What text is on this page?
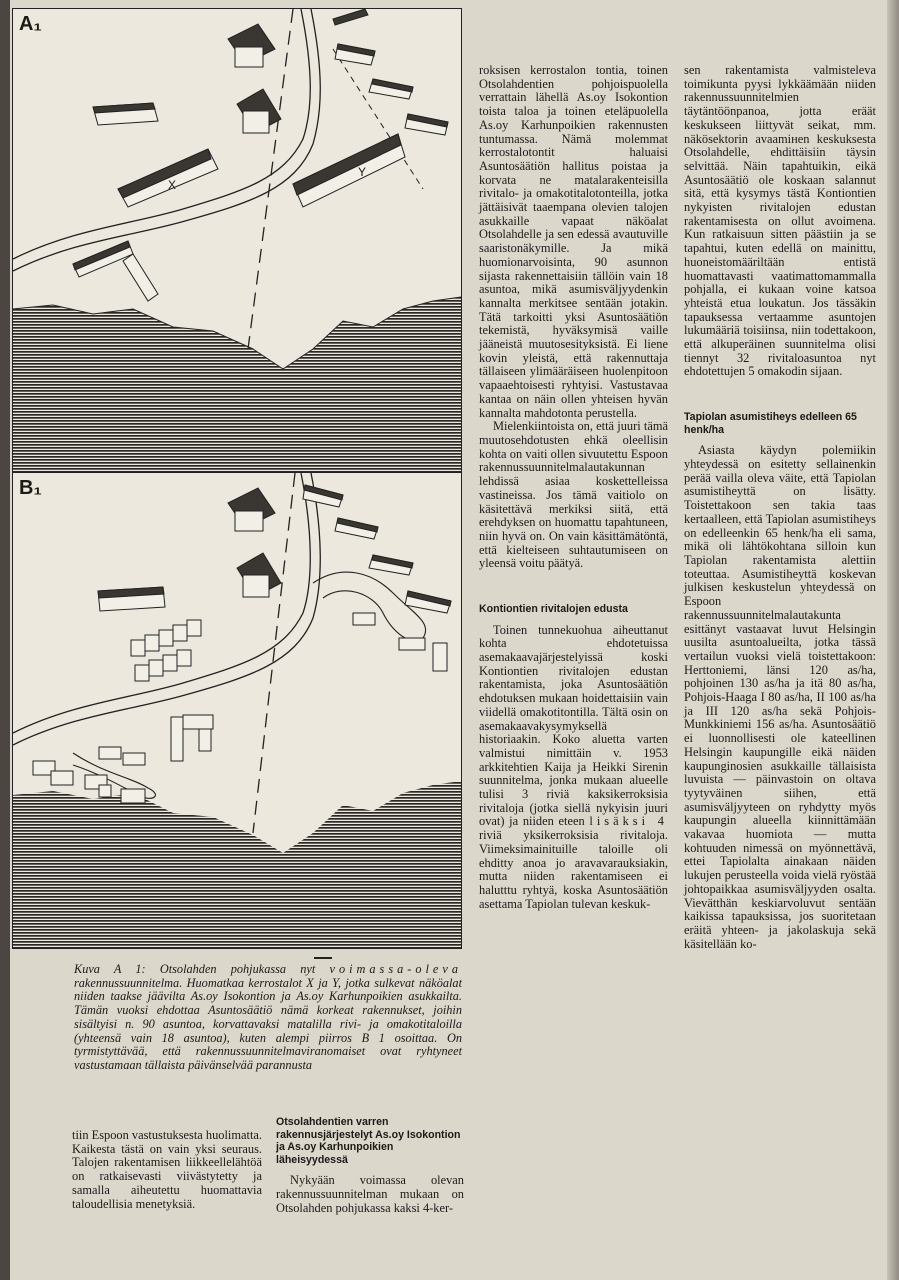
A₁
X
Y
B₁
Kuva A 1: Otsolahden pohjukassa nyt voimassa-oleva rakennussuunnitelma. Huomatkaa kerrostalot X ja Y, jotka sulkevat näköalat niiden taakse jäävilta As.oy Isokontion ja As.oy Karhunpoikien asukkailta. Tämän vuoksi ehdottaa Asuntosäätiö nämä korkeat rakennukset, joihin sisältyisi n. 90 asuntoa, korvattavaksi matalilla rivi- ja omakotitaloilla (yhteensä vain 18 asuntoa), kuten alempi piirros B 1 osoittaa. On tyrmistyttävää, että rakennussuunnitelmaviranomaiset ovat ryhtyneet vastustamaan tällaista päivänselvää parannusta

tiin Espoon vastustuksesta huolimatta. Kaikesta tästä on vain yksi seuraus. Talojen rakentamisen liikkeellelähtöä on ratkaisevasti viivästytetty ja samalla aiheutettu huomattavia taloudellisia menetyksiä.

Otsolahdentien varren rakennusjärjestelyt As.oy Isokontion ja As.oy Karhunpoikien läheisyydessä

Nykyään voimassa olevan rakennussuunnitelman mukaan on Otsolahden pohjukassa kaksi 4-ker-

roksisen kerrostalon tontia, toinen Otsolahdentien pohjoispuolella verrattain lähellä As.oy Isokontion toista taloa ja toinen eteläpuolella As.oy Karhunpoikien rakennusten tuntumassa. Nämä molemmat kerrostalotontit haluaisi Asuntosäätiön hallitus poistaa ja korvata ne matalarakenteisilla rivitalo- ja omakotitalotonteilla, jotka jättäisivät taaempana olevien talojen asukkaille vapaat näköalat Otsolahdelle ja sen edessä avautuville saaristonäkymille. Ja mikä huomionarvoisinta, 90 asunnon sijasta rakennettaisiin tällöin vain 18 asuntoa, mikä asumisväljyydenkin kannalta merkitsee sentään jotakin. Tätä tarkoitti yksi Asuntosäätiön tekemistä, hyväksymisä vaille jääneistä muutosesityksistä. Ei liene kovin yleistä, että rakennuttaja tällaiseen ylimääräiseen huolenpitoon vapaaehtoisesti ryhtyisi. Vastustavaa kantaa on näin ollen yhteisen hyvän kannalta mahdotonta perustella.

Mielenkiintoista on, että juuri tämä muutosehdotusten ehkä oleellisin kohta on vaiti ollen sivuutettu Espoon rakennussuunnitelmalautakunnan lehdissä asiaa koskettelleissa vastineissa. Jos tämä vaitiolo on käsitettävä merkiksi siitä, että erehdyksen on huomattu tapahtuneen, niin hyvä on. On vain käsittämätöntä, että kielteiseen suhtautumiseen on yleensä voitu päätyä.

Kontiontien rivitalojen edusta

Toinen tunnekuohua aiheuttanut kohta ehdotetuissa asemakaavajärjestelyissä koski Kontiontien rivitalojen edustan rakentamista, joka Asuntosäätiön ehdotuksen mukaan hoidettaisiin vain viidellä omakotitontilla. Tältä osin on asemakaavakysymyksellä historiaakin. Koko aluetta varten valmistui nimittäin v. 1953 arkkitehtien Kaija ja Heikki Sirenin suunnitelma, jonka mukaan alueelle tulisi 3 riviä kaksikerroksisia rivitaloja (jotka siellä nykyisin juuri ovat) ja niiden eteen lisäksi 4 riviä yksikerroksisia rivitaloja. Viimeksimainituille taloille oli ehditty anoa jo aravavarauksiakin, mutta niiden rakentamiseen ei halutttu ryhtyä, koska Asuntosäätiön asettama Tapiolan tulevan keskuk-

sen rakentamista valmisteleva toimikunta pyysi lykkäämään niiden rakennussuunnitelmien täytäntöönpanoa, jotta eräät keskukseen liittyvät seikat, mm. näkösektorin avaamінen keskuksesta Otsolahdelle, ehdittäisiin täysin selvittää. Näin tapahtuikin, eikä Asuntosäätiö ole koskaan salannut sitä, että kysymys tästä Kontiontien nykyisten rivitalojen edustan rakentamisesta on ollut avoimena. Kun ratkaisuun sitten päästiin ja se tapahtui, kuten edellä on mainittu, huoneistomääriltään entistä huomattavasti vaatimattomammalla pohjalla, ei kukaan voine katsoa yhteistä etua loukatun. Jos tässäkin tapauksessa vertaamme asuntojen lukumääriä toisiinsa, niin todettakoon, että alkuperäinen suunnitelma olisi tiennyt 32 rivitaloasuntoa nyt ehdotettujen 5 omakodin sijaan.

Tapiolan asumistiheys edelleen 65 henk/ha

Asiasta käydyn polemiikin yhteydessä on esitetty sellainenkin perää vailla oleva väite, että Tapiolan asumistiheyttä on lisätty. Toistettakoon sen takia taas kertaalleen, että Tapiolan asumistiheys on edelleenkin 65 henk/ha eli sama, mikä oli lähtökohtana silloin kun Tapiolan rakentamista alettiin toteuttaa. Asumistiheyttä koskevan julkisen keskustelun yhteydessä on Espoon rakennussuunnitelmalautakunta esittänyt vastaavat luvut Helsingin uusilta asuntoalueilta, jotka tässä vertailun vuoksi vielä toistettakoon: Herttoniemi, länsi 120 as/ha, pohjoinen 130 as/ha ja itä 80 as/ha, Pohjois-Haaga I 80 as/ha, II 100 as/ha ja III 120 as/ha sekä Pohjois-Munkkiniemi 156 as/ha. Asuntosäätiö ei luonnollisesti ole kateellinen Helsingin kaupungille eikä näiden kaupunginosien asukkaille tällaisista luvuista — päinvastoin on oltava tyytyväinen siihen, että asumisväljyyteen on ryhdytty myös kaupungin alueella kiinnittämään vakavaa huomiota — mutta kohtuuden nimessä on myönnettävä, ettei Tapiolalta ainakaan näiden lukujen perusteella voida vielä ryöstää johtopaikkaa asumisväljyyden osalta. Vievätthän keskiarvoluvut sentään kaikissa tapauksissa, jos suoritetaan eräitä yhteen- ja jakolaskuja sekä käsitellään ko-
